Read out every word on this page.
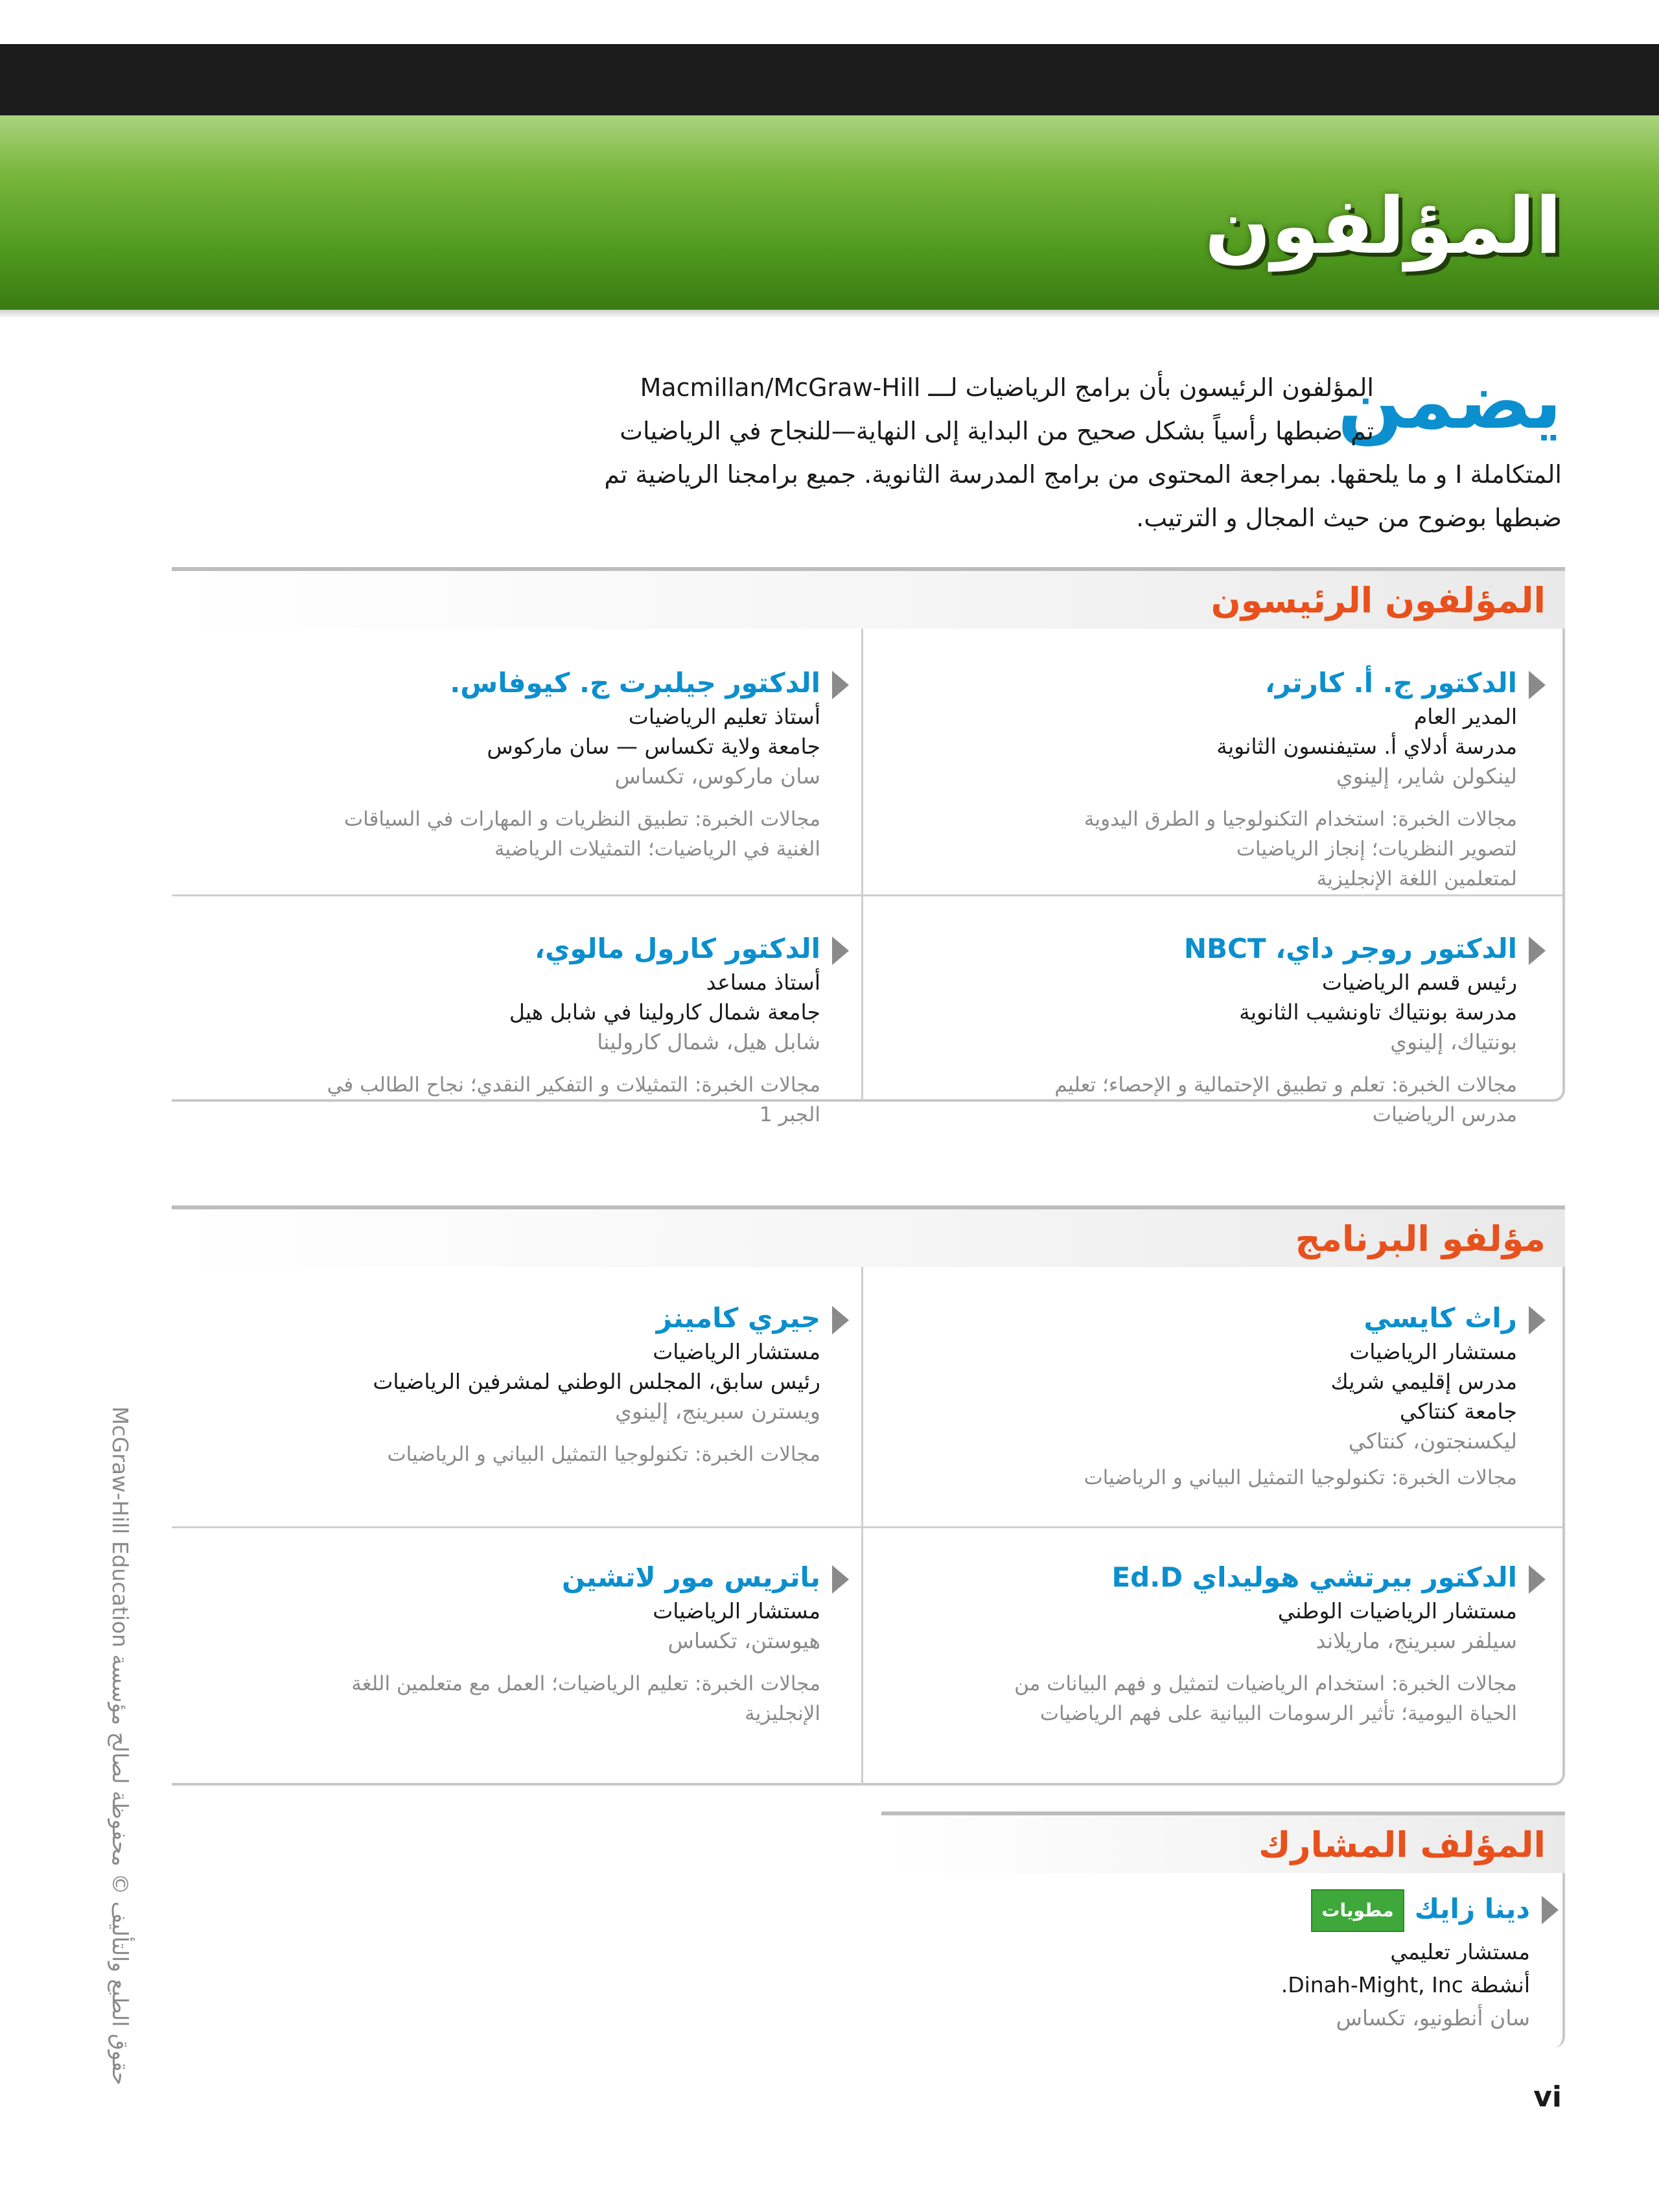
المؤلفون
يضمن
المؤلفون الرئيسون بأن برامج الرياضيات لـــ Macmillan/McGraw‑Hill
تم ضبطها رأسياً بشكل صحيح من البداية إلى النهاية—للنجاح في الرياضيات
المتكاملة I و ما يلحقها. بمراجعة المحتوى من برامج المدرسة الثانوية. جميع برامجنا الرياضية تم
ضبطها بوضوح من حيث المجال و الترتيب.
المؤلفون الرئيسون
الدكتور ج. أ. كارتر،
المدير العام
مدرسة أدلاي أ. ستيفنسون الثانوية
لينكولن شاير، إلينوي
مجالات الخبرة: استخدام التكنولوجيا و الطرق اليدوية
لتصوير النظريات؛ إنجاز الرياضيات
لمتعلمين اللغة الإنجليزية
الدكتور جيلبرت ج. كيوفاس.
أستاذ تعليم الرياضيات
جامعة ولاية تكساس — سان ماركوس
سان ماركوس، تكساس
مجالات الخبرة: تطبيق النظريات و المهارات في السياقات
الغنية في الرياضيات؛ التمثيلات الرياضية
الدكتور روجر داي، NBCT
رئيس قسم الرياضيات
مدرسة بونتياك تاونشيب الثانوية
بونتياك، إلينوي
مجالات الخبرة: تعلم و تطبيق الإحتمالية و الإحصاء؛ تعليم
مدرس الرياضيات
الدكتور كارول مالوي،
أستاذ مساعد
جامعة شمال كارولينا في شابل هيل
شابل هيل، شمال كارولينا
مجالات الخبرة: التمثيلات و التفكير النقدي؛ نجاح الطالب في
الجبر 1
مؤلفو البرنامج
راث كايسي
مستشار الرياضيات
مدرس إقليمي شريك
جامعة كنتاكي
ليكسنجتون، كنتاكي
مجالات الخبرة: تكنولوجيا التمثيل البياني و الرياضيات
جيري كامينز
مستشار الرياضيات
رئيس سابق، المجلس الوطني لمشرفين الرياضيات
ويسترن سبرينج، إلينوي
مجالات الخبرة: تكنولوجيا التمثيل البياني و الرياضيات
الدكتور بيرتشي هوليداي Ed.D
مستشار الرياضيات الوطني
سيلفر سبرينج، ماريلاند
مجالات الخبرة: استخدام الرياضيات لتمثيل و فهم البيانات من
الحياة اليومية؛ تأثير الرسومات البيانية على فهم الرياضيات
باتريس مور لاتشين
مستشار الرياضيات
هيوستن، تكساس
مجالات الخبرة: تعليم الرياضيات؛ العمل مع متعلمين اللغة
الإنجليزية
المؤلف المشارك
دينا زايكمطويات
مستشار تعليمي
أنشطة Dinah‑Might, Inc.
سان أنطونيو، تكساس
حقوق الطبع والتأليف © محفوظة لصالح مؤسسة McGraw-Hill Education
vi
